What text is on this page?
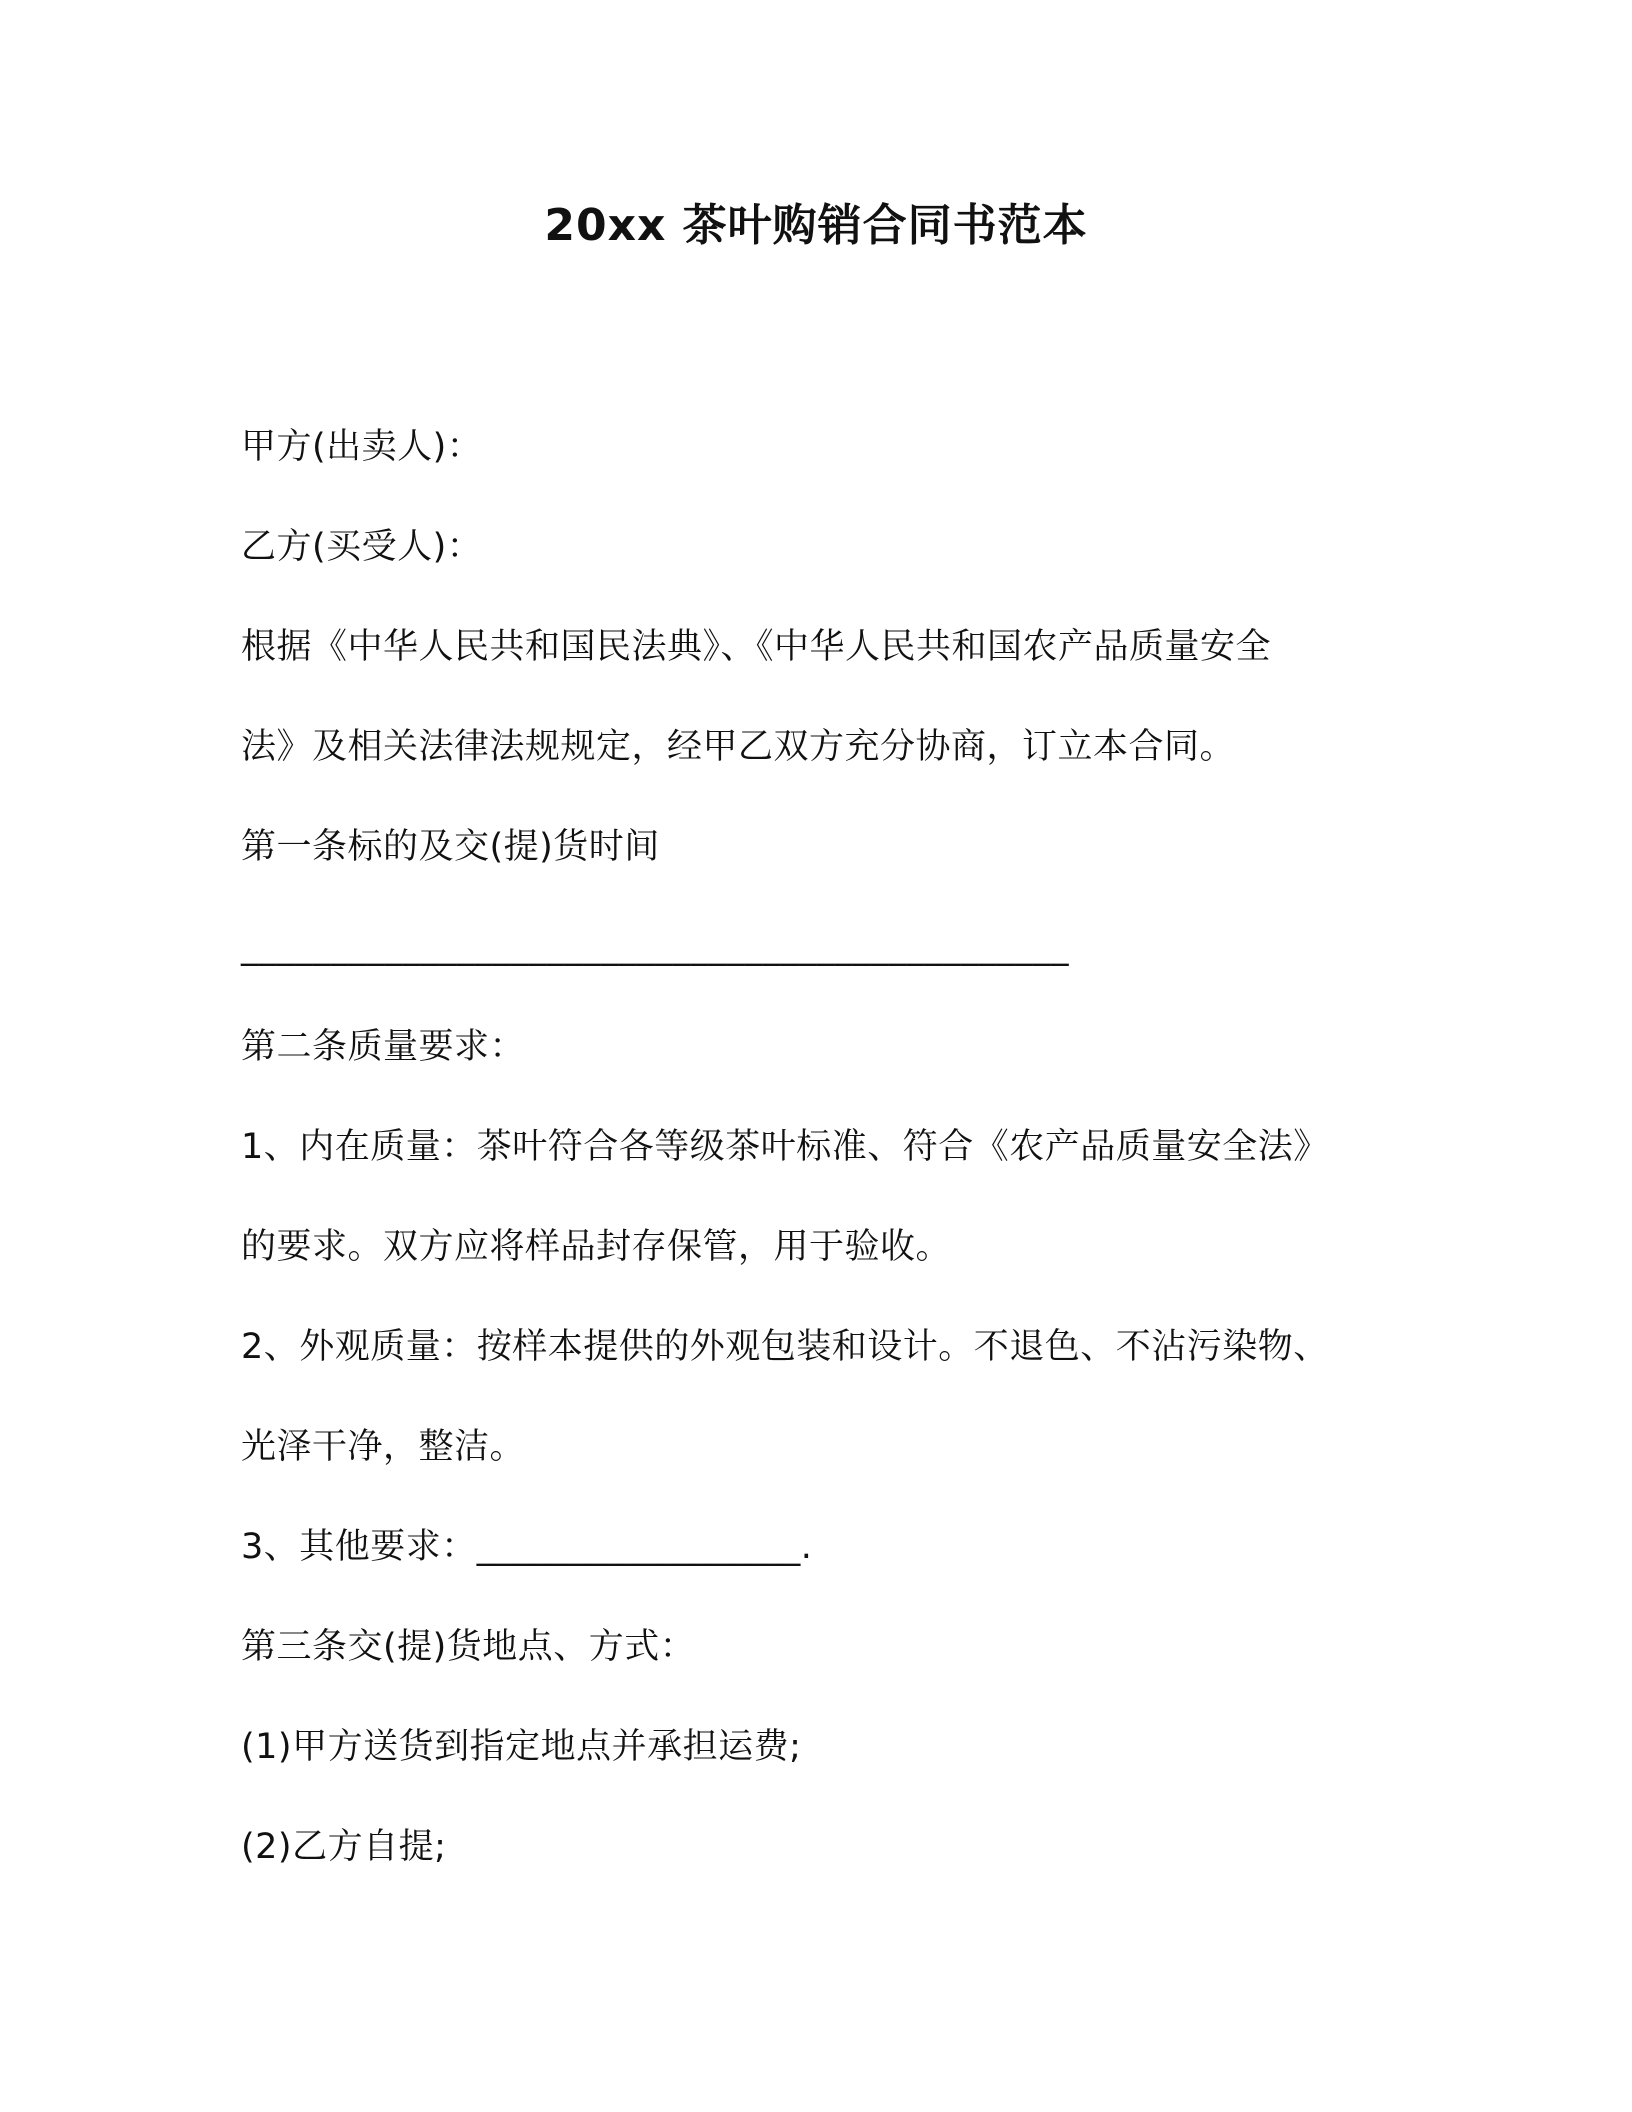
20xx 茶叶购销合同书范本
甲方(出卖人)：
乙方(买受人)：
根据《中华人民共和国民法典》、《中华人民共和国农产品质量安全
法》及相关法律法规规定，经甲乙双方充分协商，订立本合同。
第一条标的及交(提)货时间
______________________________________________
第二条质量要求：
1、内在质量：茶叶符合各等级茶叶标准、符合《农产品质量安全法》
的要求。双方应将样品封存保管，用于验收。
2、外观质量：按样本提供的外观包装和设计。不退色、不沾污染物、
光泽干净，整洁。
3、其他要求：__________________.
第三条交(提)货地点、方式：
(1)甲方送货到指定地点并承担运费;
(2)乙方自提;
